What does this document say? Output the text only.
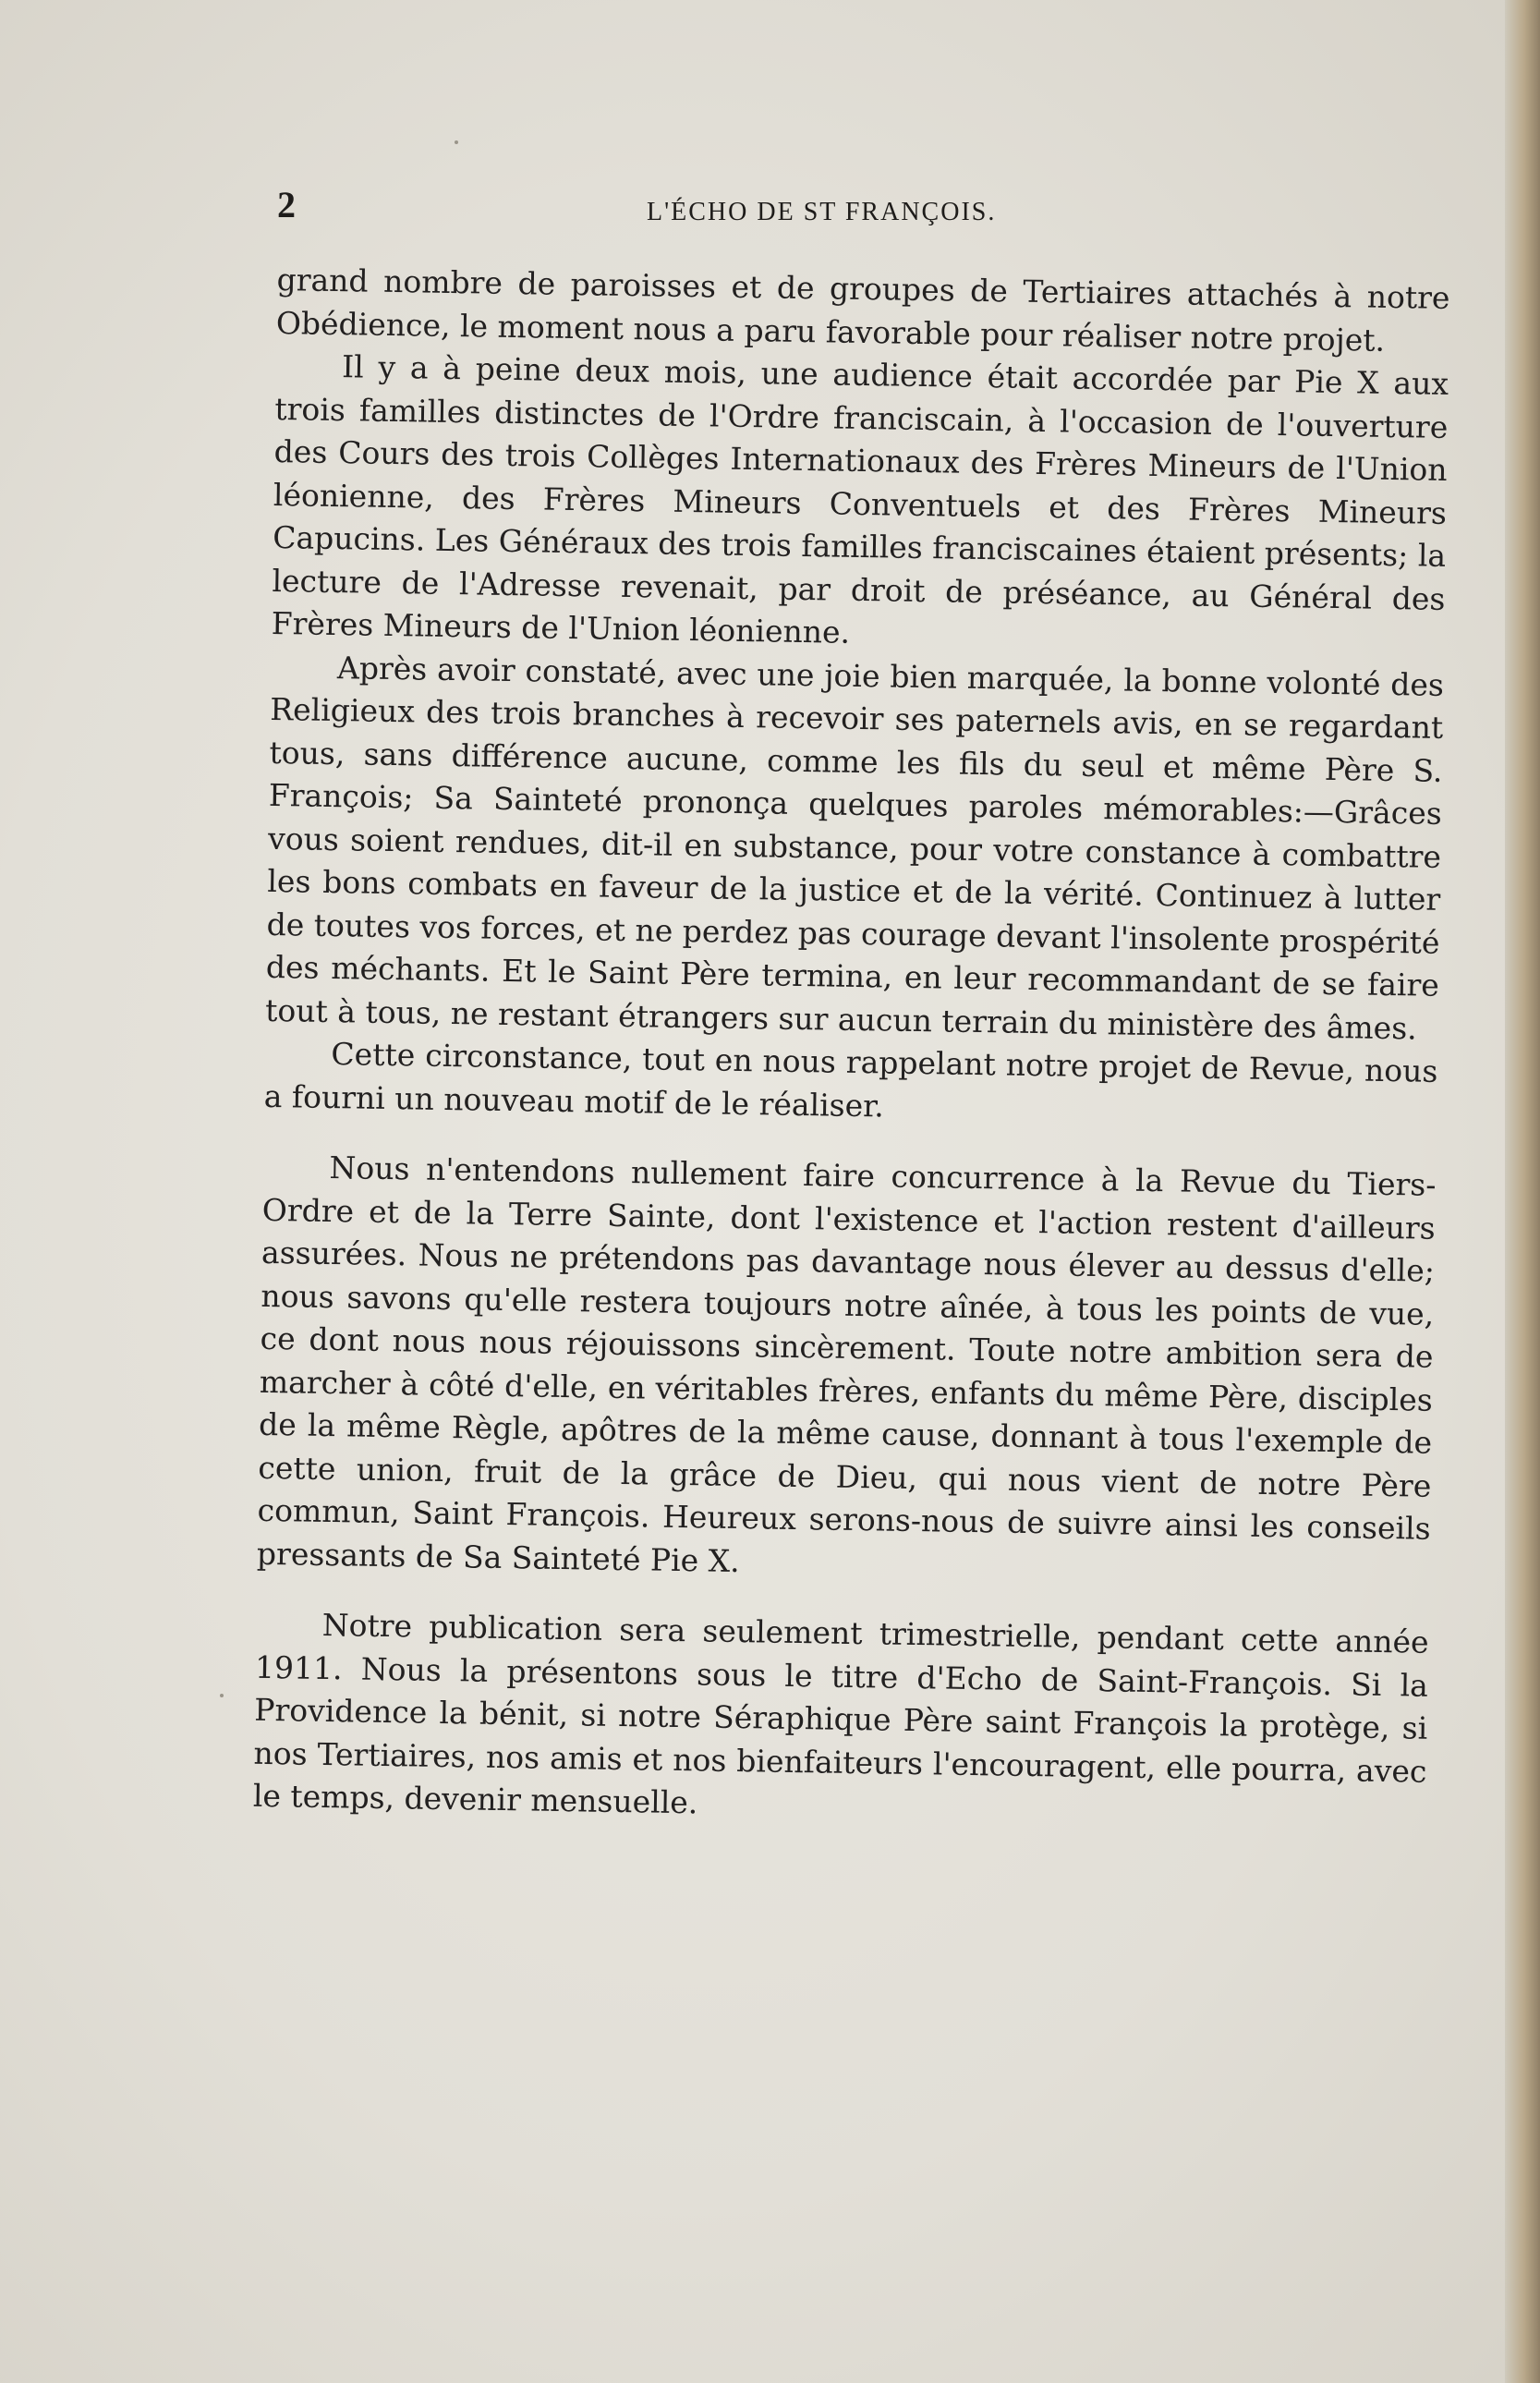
2	L'ÉCHO DE ST FRANÇOIS.

grand nombre de paroisses et de groupes de Tertiaires attachés à notre Obédience, le moment nous a paru favorable pour réaliser notre projet.

Il y a à peine deux mois, une audience était accordée par Pie X aux trois familles distinctes de l'Ordre franciscain, à l'occasion de l'ouverture des Cours des trois Collèges Internationaux des Frères Mineurs de l'Union léonienne, des Frères Mineurs Conventuels et des Frères Mineurs Capucins. Les Généraux des trois familles franciscaines étaient présents; la lecture de l'Adresse revenait, par droit de préséance, au Général des Frères Mineurs de l'Union léonienne.

Après avoir constaté, avec une joie bien marquée, la bonne volonté des Religieux des trois branches à recevoir ses paternels avis, en se regardant tous, sans différence aucune, comme les fils du seul et même Père S. François; Sa Sainteté prononça quelques paroles mémorables:—Grâces vous soient rendues, dit-il en substance, pour votre constance à combattre les bons combats en faveur de la justice et de la vérité. Continuez à lutter de toutes vos forces, et ne perdez pas courage devant l'insolente prospérité des méchants. Et le Saint Père termina, en leur recommandant de se faire tout à tous, ne restant étrangers sur aucun terrain du ministère des âmes.

Cette circonstance, tout en nous rappelant notre projet de Revue, nous a fourni un nouveau motif de le réaliser.

Nous n'entendons nullement faire concurrence à la Revue du Tiers-Ordre et de la Terre Sainte, dont l'existence et l'action restent d'ailleurs assurées. Nous ne prétendons pas davantage nous élever au dessus d'elle; nous savons qu'elle restera toujours notre aînée, à tous les points de vue, ce dont nous nous réjouissons sincèrement. Toute notre ambition sera de marcher à côté d'elle, en véritables frères, enfants du même Père, disciples de la même Règle, apôtres de la même cause, donnant à tous l'exemple de cette union, fruit de la grâce de Dieu, qui nous vient de notre Père commun, Saint François. Heureux serons-nous de suivre ainsi les conseils pressants de Sa Sainteté Pie X.

Notre publication sera seulement trimestrielle, pendant cette année 1911. Nous la présentons sous le titre d'Echo de Saint-François. Si la Providence la bénit, si notre Séraphique Père saint François la protège, si nos Tertiaires, nos amis et nos bienfaiteurs l'encouragent, elle pourra, avec le temps, devenir mensuelle.
